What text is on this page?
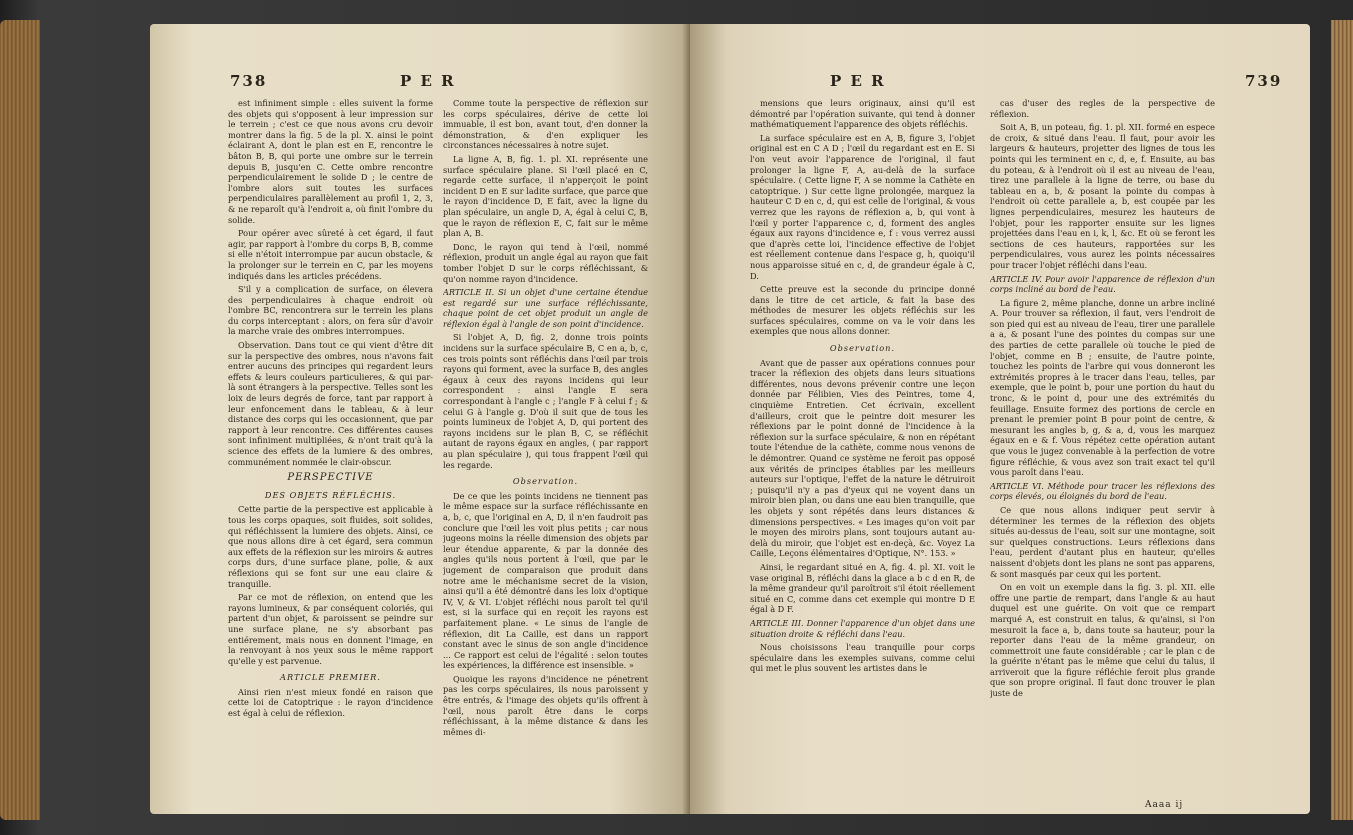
738	P E R

est infiniment simple : elles suivent la forme des objets qui s'opposent à leur impression sur le terrein ; c'est ce que nous avons cru devoir montrer dans la fig. 5 de la pl. X. ainsi le point éclairant A, dont le plan est en E, rencontre le bâton B, B, qui porte une ombre sur le terrein depuis B, jusqu'en C. Cette ombre rencontre perpendiculairement le solide D ; le centre de l'ombre alors suit toutes les surfaces perpendiculaires parallèlement au profil 1, 2, 3, & ne reparoît qu'à l'endroit a, où finit l'ombre du solide.

Pour opérer avec sûreté à cet égard, il faut agir, par rapport à l'ombre du corps B, B, comme si elle n'étoit interrompue par aucun obstacle, & la prolonger sur le terrein en C, par les moyens indiqués dans les articles précédens.

S'il y a complication de surface, on élevera des perpendiculaires à chaque endroit où l'ombre BC, rencontrera sur le terrein les plans du corps interceptant : alors, on fera sûr d'avoir la marche vraie des ombres interrompues.

Observation. Dans tout ce qui vient d'être dit sur la perspective des ombres, nous n'avons fait entrer aucuns des principes qui regardent leurs effets & leurs couleurs particulieres, & qui par-là sont étrangers à la perspective. Telles sont les loix de leurs degrés de force, tant par rapport à leur enfoncement dans le tableau, & à leur distance des corps qui les occasionnent, que par rapport à leur rencontre. Ces différentes causes sont infiniment multipliées, & n'ont trait qu'à la science des effets de la lumiere & des ombres, communément nommée le clair-obscur.

PERSPECTIVE

DES OBJETS RÉFLÉCHIS.

Cette partie de la perspective est applicable à tous les corps opaques, soit fluides, soit solides, qui réfléchissent la lumiere des objets. Ainsi, ce que nous allons dire à cet égard, sera commun aux effets de la réflexion sur les miroirs & autres corps durs, d'une surface plane, polie, & aux réflexions qui se font sur une eau claire & tranquille.

Par ce mot de réflexion, on entend que les rayons lumineux, & par conséquent coloriés, qui partent d'un objet, & paroissent se peindre sur une surface plane, ne s'y absorbant pas entiérement, mais nous en donnent l'image, en la renvoyant à nos yeux sous le même rapport qu'elle y est parvenue.

ARTICLE PREMIER.

Ainsi rien n'est mieux fondé en raison que cette loi de Catoptrique : le rayon d'incidence est égal à celui de réflexion.

Comme toute la perspective de réflexion sur les corps spéculaires, dérive de cette loi immuable, il est bon, avant tout, d'en donner la démonstration, & d'en expliquer les circonstances nécessaires à notre sujet.

La ligne A, B, fig. 1. pl. XI. représente une surface spéculaire plane. Si l'œil placé en C, regarde cette surface, il n'apperçoit le point incident D en E sur ladite surface, que parce que le rayon d'incidence D, E fait, avec la ligne du plan spéculaire, un angle D, A, égal à celui C, B, que le rayon de réflexion E, C, fait sur le même plan A, B.

Donc, le rayon qui tend à l'œil, nommé réflexion, produit un angle égal au rayon que fait tomber l'objet D sur le corps réfléchissant, & qu'on nomme rayon d'incidence.

ARTICLE II. Si un objet d'une certaine étendue est regardé sur une surface réfléchissante, chaque point de cet objet produit un angle de réflexion égal à l'angle de son point d'incidence.

Si l'objet A, D, fig. 2, donne trois points incidens sur la surface spéculaire B, C en a, b, c, ces trois points sont réfléchis dans l'œil par trois rayons qui forment, avec la surface B, des angles égaux à ceux des rayons incidens qui leur correspondent : ainsi l'angle E sera correspondant à l'angle c ; l'angle F à celui f ; & celui G à l'angle g. D'où il suit que de tous les points lumineux de l'objet A, D, qui portent des rayons incidens sur le plan B, C, se réfléchit autant de rayons égaux en angles, ( par rapport au plan spéculaire ), qui tous frappent l'œil qui les regarde.

Observation.

De ce que les points incidens ne tiennent pas le même espace sur la surface réfléchissante en a, b, c, que l'original en A, D, il n'en faudroit pas conclure que l'œil les voit plus petits ; car nous jugeons moins la réelle dimension des objets par leur étendue apparente, & par la donnée des angles qu'ils nous portent à l'œil, que par le jugement de comparaison que produit dans notre ame le méchanisme secret de la vision, ainsi qu'il a été démontré dans les loix d'optique IV, V, & VI. L'objet réfléchi nous paroît tel qu'il est, si la surface qui en reçoit les rayons est parfaitement plane. « Le sinus de l'angle de réflexion, dit La Caille, est dans un rapport constant avec le sinus de son angle d'incidence ... Ce rapport est celui de l'égalité : selon toutes les expériences, la différence est insensible. »

Quoique les rayons d'incidence ne pénetrent pas les corps spéculaires, ils nous paroissent y être entrés, & l'image des objets qu'ils offrent à l'œil, nous paroît être dans le corps réfléchissant, à la même distance & dans les mêmes di-

P E R	739

mensions que leurs originaux, ainsi qu'il est démontré par l'opération suivante, qui tend à donner mathématiquement l'apparence des objets réfléchis.

La surface spéculaire est en A, B, figure 3, l'objet original est en C A D ; l'œil du regardant est en E. Si l'on veut avoir l'apparence de l'original, il faut prolonger la ligne F, A, au-delà de la surface spéculaire. ( Cette ligne F, A se nomme la Cathète en catoptrique. ) Sur cette ligne prolongée, marquez la hauteur C D en c, d, qui est celle de l'original, & vous verrez que les rayons de réflexion a, b, qui vont à l'œil y porter l'apparence c, d, forment des angles égaux aux rayons d'incidence e, f : vous verrez aussi que d'après cette loi, l'incidence effective de l'objet est réellement contenue dans l'espace g, h, quoiqu'il nous apparoisse situé en c, d, de grandeur égale à C, D.

Cette preuve est la seconde du principe donné dans le titre de cet article, & fait la base des méthodes de mesurer les objets réfléchis sur les surfaces spéculaires, comme on va le voir dans les exemples que nous allons donner.

Observation.

Avant que de passer aux opérations connues pour tracer la réflexion des objets dans leurs situations différentes, nous devons prévenir contre une leçon donnée par Félibien, Vies des Peintres, tome 4, cinquième Entretien. Cet écrivain, excellent d'ailleurs, croit que le peintre doit mesurer les réflexions par le point donné de l'incidence à la réflexion sur la surface spéculaire, & non en répétant toute l'étendue de la cathète, comme nous venons de le démontrer. Quand ce système ne feroit pas opposé aux vérités de principes établies par les meilleurs auteurs sur l'optique, l'effet de la nature le détruiroit ; puisqu'il n'y a pas d'yeux qui ne voyent dans un miroir bien plan, ou dans une eau bien tranquille, que les objets y sont répétés dans leurs distances & dimensions perspectives. « Les images qu'on voit par le moyen des miroirs plans, sont toujours autant au-delà du miroir, que l'objet est en-deçà, &c. Voyez La Caille, Leçons élémentaires d'Optique, N°. 153. »

Ainsi, le regardant situé en A, fig. 4. pl. XI. voit le vase original B, réfléchi dans la glace a b c d en R, de la même grandeur qu'il paroîtroit s'il étoit réellement situé en C, comme dans cet exemple qui montre D E égal à D F.

ARTICLE III. Donner l'apparence d'un objet dans une situation droite & réfléchi dans l'eau.

Nous choisissons l'eau tranquille pour corps spéculaire dans les exemples suivans, comme celui qui met le plus souvent les artistes dans le

cas d'user des regles de la perspective de réflexion.

Soit A, B, un poteau, fig. 1. pl. XII. formé en espece de croix, & situé dans l'eau. Il faut, pour avoir les largeurs & hauteurs, projetter des lignes de tous les points qui les terminent en c, d, e, f. Ensuite, au bas du poteau, & à l'endroit où il est au niveau de l'eau, tirez une parallele à la ligne de terre, ou base du tableau en a, b, & posant la pointe du compas à l'endroit où cette parallele a, b, est coupée par les lignes perpendiculaires, mesurez les hauteurs de l'objet, pour les rapporter ensuite sur les lignes projettées dans l'eau en i, k, l, &c. Et où se feront les sections de ces hauteurs, rapportées sur les perpendiculaires, vous aurez les points nécessaires pour tracer l'objet réfléchi dans l'eau.

ARTICLE IV. Pour avoir l'apparence de réflexion d'un corps incliné au bord de l'eau.

La figure 2, même planche, donne un arbre incliné A. Pour trouver sa réflexion, il faut, vers l'endroit de son pied qui est au niveau de l'eau, tirer une parallele a a, & posant l'une des pointes du compas sur une des parties de cette parallele où touche le pied de l'objet, comme en B ; ensuite, de l'autre pointe, touchez les points de l'arbre qui vous donneront les extrémités propres à le tracer dans l'eau, telles, par exemple, que le point b, pour une portion du haut du tronc, & le point d, pour une des extrémités du feuillage. Ensuite formez des portions de cercle en prenant le premier point B pour point de centre, & mesurant les angles b, g, & a, d, vous les marquez égaux en e & f. Vous répétez cette opération autant que vous le jugez convenable à la perfection de votre figure réfléchie, & vous avez son trait exact tel qu'il vous paroît dans l'eau.

ARTICLE VI. Méthode pour tracer les réflexions des corps élevés, ou éloignés du bord de l'eau.

Ce que nous allons indiquer peut servir à déterminer les termes de la réflexion des objets situés au-dessus de l'eau, soit sur une montagne, soit sur quelques constructions. Leurs réflexions dans l'eau, perdent d'autant plus en hauteur, qu'elles naissent d'objets dont les plans ne sont pas apparens, & sont masqués par ceux qui les portent.

On en voit un exemple dans la fig. 3. pl. XII. elle offre une partie de rempart, dans l'angle & au haut duquel est une guérite. On voit que ce rempart marqué A, est construit en talus, & qu'ainsi, si l'on mesuroit la face a, b, dans toute sa hauteur, pour la reporter dans l'eau de la même grandeur, on commettroit une faute considérable ; car le plan c de la guérite n'étant pas le même que celui du talus, il arriveroit que la figure réfléchie feroit plus grande que son propre original. Il faut donc trouver le plan juste de

Aaaa ij
